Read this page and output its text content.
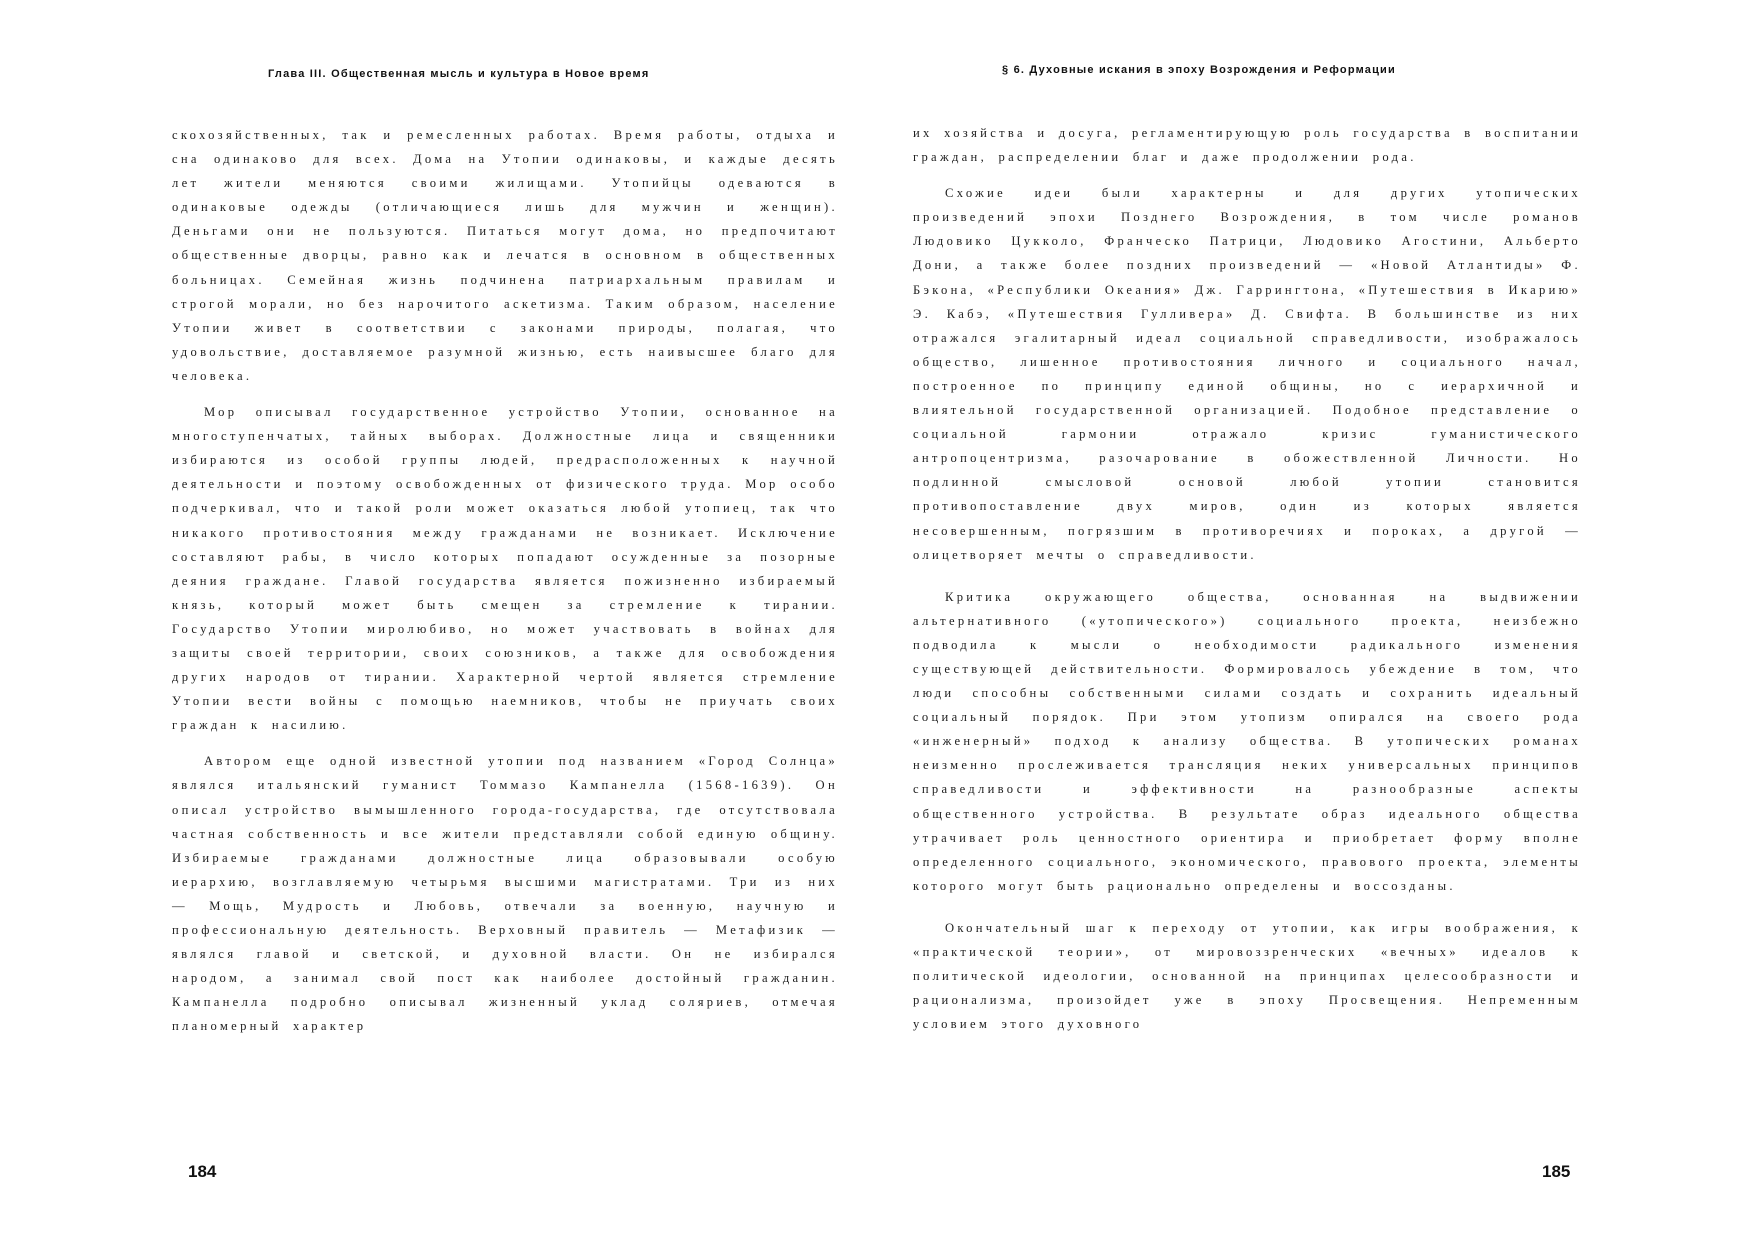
Глава III. Общественная мысль и культура в Новое время

скохозяйственных, так и ремесленных работах. Время работы, отдыха и сна одинаково для всех. Дома на Утопии одинаковы, и каждые десять лет жители меняются своими жилищами. Утопийцы одеваются в одинаковые одежды (отличающиеся лишь для мужчин и женщин). Деньгами они не пользуются. Питаться могут дома, но предпочитают общественные дворцы, равно как и лечатся в основном в общественных больницах. Семейная жизнь подчинена патриархальным правилам и строгой морали, но без нарочитого аскетизма. Таким образом, население Утопии живет в соответствии с законами природы, полагая, что удовольствие, доставляемое разумной жизнью, есть наивысшее благо для человека.

Мор описывал государственное устройство Утопии, основанное на многоступенчатых, тайных выборах. Должностные лица и священники избираются из особой группы людей, предрасположенных к научной деятельности и поэтому освобожденных от физического труда. Мор особо подчеркивал, что и такой роли может оказаться любой утопиец, так что никакого противостояния между гражданами не возникает. Исключение составляют рабы, в число которых попадают осужденные за позорные деяния граждане. Главой государства является пожизненно избираемый князь, который может быть смещен за стремление к тирании. Государство Утопии миролюбиво, но может участвовать в войнах для защиты своей территории, своих союзников, а также для освобождения других народов от тирании. Характерной чертой является стремление Утопии вести войны с помощью наемников, чтобы не приучать своих граждан к насилию.

Автором еще одной известной утопии под названием «Город Солнца» являлся итальянский гуманист Томмазо Кампанелла (1568-1639). Он описал устройство вымышленного города-государства, где отсутствовала частная собственность и все жители представляли собой единую общину. Избираемые гражданами должностные лица образовывали особую иерархию, возглавляемую четырьмя высшими магистратами. Три из них — Мощь, Мудрость и Любовь, отвечали за военную, научную и профессиональную деятельность. Верховный правитель — Метафизик — являлся главой и светской, и духовной власти. Он не избирался народом, а занимал свой пост как наиболее достойный гражданин. Кампанелла подробно описывал жизненный уклад соляриев, отмечая планомерный характер

184
§ 6. Духовные искания в эпоху Возрождения и Реформации

их хозяйства и досуга, регламентирующую роль государства в воспитании граждан, распределении благ и даже продолжении рода.

Схожие идеи были характерны и для других утопических произведений эпохи Позднего Возрождения, в том числе романов Людовико Цукколо, Франческо Патрици, Людовико Агостини, Альберто Дони, а также более поздних произведений — «Новой Атлантиды» Ф. Бэкона, «Республики Океания» Дж. Гаррингтона, «Путешествия в Икарию» Э. Кабэ, «Путешествия Гулливера» Д. Свифта. В большинстве из них отражался эгалитарный идеал социальной справедливости, изображалось общество, лишенное противостояния личного и социального начал, построенное по принципу единой общины, но с иерархичной и влиятельной государственной организацией. Подобное представление о социальной гармонии отражало кризис гуманистического антропоцентризма, разочарование в обожествленной Личности. Но подлинной смысловой основой любой утопии становится противопоставление двух миров, один из которых является несовершенным, погрязшим в противоречиях и пороках, а другой — олицетворяет мечты о справедливости.

Критика окружающего общества, основанная на выдвижении альтернативного («утопического») социального проекта, неизбежно подводила к мысли о необходимости радикального изменения существующей действительности. Формировалось убеждение в том, что люди способны собственными силами создать и сохранить идеальный социальный порядок. При этом утопизм опирался на своего рода «инженерный» подход к анализу общества. В утопических романах неизменно прослеживается трансляция неких универсальных принципов справедливости и эффективности на разнообразные аспекты общественного устройства. В результате образ идеального общества утрачивает роль ценностного ориентира и приобретает форму вполне определенного социального, экономического, правового проекта, элементы которого могут быть рационально определены и воссозданы.

Окончательный шаг к переходу от утопии, как игры воображения, к «практической теории», от мировоззренческих «вечных» идеалов к политической идеологии, основанной на принципах целесообразности и рационализма, произойдет уже в эпоху Просвещения. Непременным условием этого духовного

185
